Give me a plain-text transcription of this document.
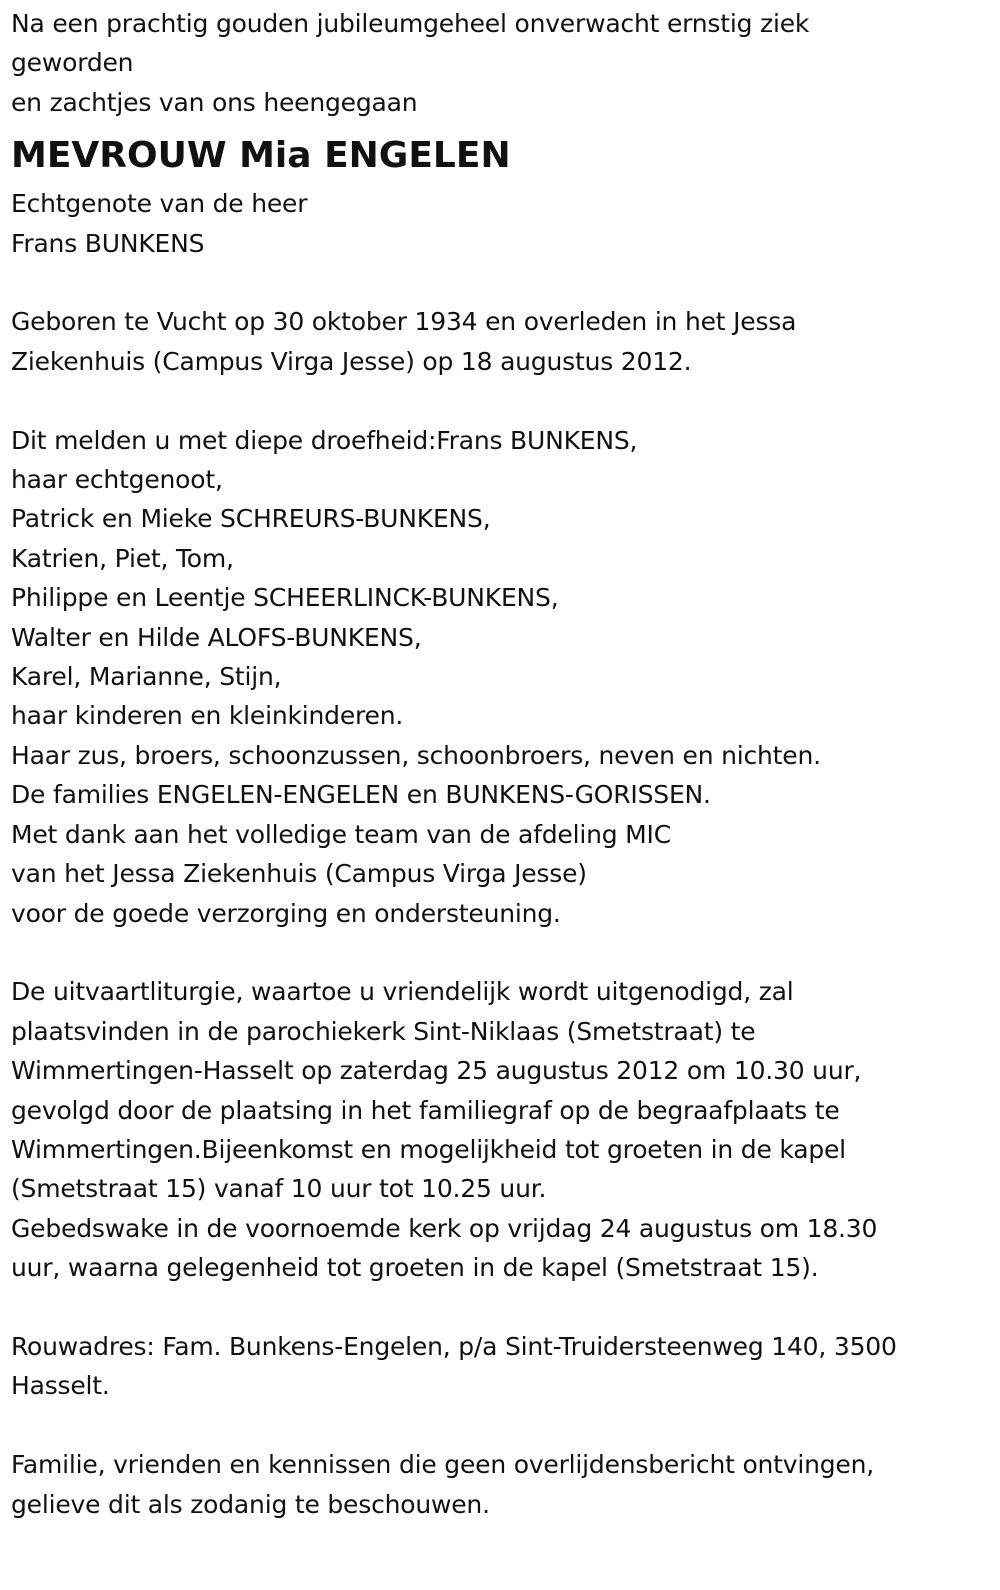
Na een prachtig gouden jubileumgeheel onverwacht ernstig ziek
geworden
en zachtjes van ons heengegaan

MEVROUW Mia ENGELEN

Echtgenote van de heer
Frans BUNKENS

Geboren te Vucht op 30 oktober 1934 en overleden in het Jessa
Ziekenhuis (Campus Virga Jesse) op 18 augustus 2012.

Dit melden u met diepe droefheid:Frans BUNKENS,
haar echtgenoot,
Patrick en Mieke SCHREURS-BUNKENS,
Katrien, Piet, Tom,
Philippe en Leentje SCHEERLINCK-BUNKENS,
Walter en Hilde ALOFS-BUNKENS,
Karel, Marianne, Stijn,
haar kinderen en kleinkinderen.
Haar zus, broers, schoonzussen, schoonbroers, neven en nichten.
De families ENGELEN-ENGELEN en BUNKENS-GORISSEN.
Met dank aan het volledige team van de afdeling MIC
van het Jessa Ziekenhuis (Campus Virga Jesse)
voor de goede verzorging en ondersteuning.

De uitvaartliturgie, waartoe u vriendelijk wordt uitgenodigd, zal
plaatsvinden in de parochiekerk Sint-Niklaas (Smetstraat) te
Wimmertingen-Hasselt op zaterdag 25 augustus 2012 om 10.30 uur,
gevolgd door de plaatsing in het familiegraf op de begraafplaats te
Wimmertingen.Bijeenkomst en mogelijkheid tot groeten in de kapel
(Smetstraat 15) vanaf 10 uur tot 10.25 uur.
Gebedswake in de voornoemde kerk op vrijdag 24 augustus om 18.30
uur, waarna gelegenheid tot groeten in de kapel (Smetstraat 15).

Rouwadres: Fam. Bunkens-Engelen, p/a Sint-Truidersteenweg 140, 3500
Hasselt.

Familie, vrienden en kennissen die geen overlijdensbericht ontvingen,
gelieve dit als zodanig te beschouwen.
